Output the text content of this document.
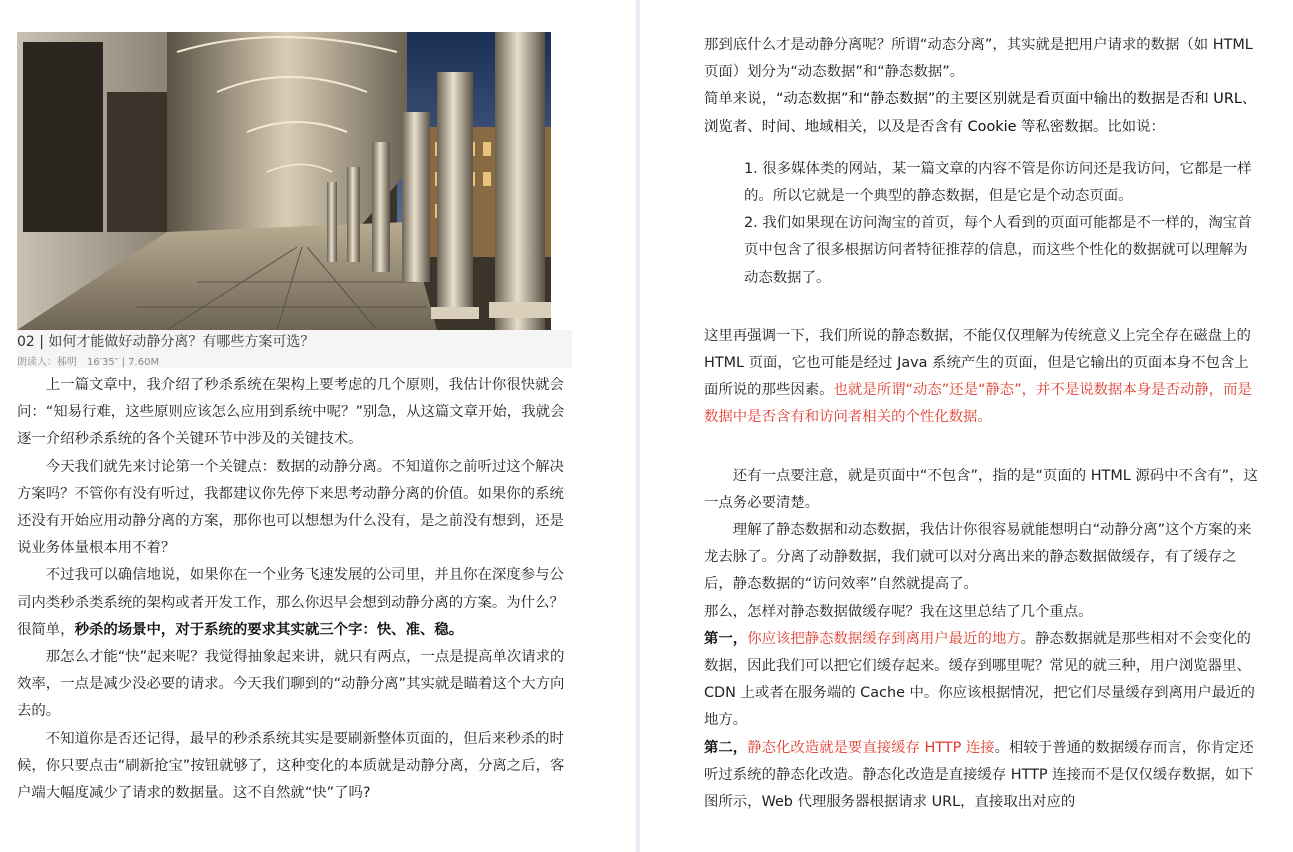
02 | 如何才能做好动静分离？有哪些方案可选？
朗读人：秭明 16′35″ | 7.60M

上一篇文章中，我介绍了秒杀系统在架构上要考虑的几个原则，我估计你很快就会问：“知易行难，这些原则应该怎么应用到系统中呢？”别急，从这篇文章开始，我就会逐一介绍秒杀系统的各个关键环节中涉及的关键技术。

今天我们就先来讨论第一个关键点：数据的动静分离。不知道你之前听过这个解决方案吗？不管你有没有听过，我都建议你先停下来思考动静分离的价值。如果你的系统还没有开始应用动静分离的方案，那你也可以想想为什么没有，是之前没有想到，还是说业务体量根本用不着？

不过我可以确信地说，如果你在一个业务飞速发展的公司里，并且你在深度参与公司内类秒杀类系统的架构或者开发工作，那么你迟早会想到动静分离的方案。为什么？很简单，秒杀的场景中，对于系统的要求其实就三个字：快、准、稳。

那怎么才能“快”起来呢？我觉得抽象起来讲，就只有两点，一点是提高单次请求的效率，一点是减少没必要的请求。今天我们聊到的“动静分离”其实就是瞄着这个大方向去的。

不知道你是否还记得，最早的秒杀系统其实是要刷新整体页面的，但后来秒杀的时候，你只要点击“刷新抢宝”按钮就够了，这种变化的本质就是动静分离，分离之后，客户端大幅度减少了请求的数据量。这不自然就“快”了吗?

那到底什么才是动静分离呢？所谓“动态分离”，其实就是把用户请求的数据（如 HTML 页面）划分为“动态数据”和“静态数据”。

简单来说，“动态数据”和“静态数据”的主要区别就是看页面中输出的数据是否和 URL、浏览者、时间、地域相关，以及是否含有 Cookie 等私密数据。比如说：

1. 很多媒体类的网站，某一篇文章的内容不管是你访问还是我访问，它都是一样的。所以它就是一个典型的静态数据，但是它是个动态页面。
2. 我们如果现在访问淘宝的首页，每个人看到的页面可能都是不一样的，淘宝首页中包含了很多根据访问者特征推荐的信息，而这些个性化的数据就可以理解为动态数据了。

这里再强调一下，我们所说的静态数据，不能仅仅理解为传统意义上完全存在磁盘上的 HTML 页面，它也可能是经过 Java 系统产生的页面，但是它输出的页面本身不包含上面所说的那些因素。也就是所谓“动态”还是“静态”，并不是说数据本身是否动静，而是数据中是否含有和访问者相关的个性化数据。

还有一点要注意，就是页面中“不包含”，指的是“页面的 HTML 源码中不含有”，这一点务必要清楚。

理解了静态数据和动态数据，我估计你很容易就能想明白“动静分离”这个方案的来龙去脉了。分离了动静数据，我们就可以对分离出来的静态数据做缓存，有了缓存之后，静态数据的“访问效率”自然就提高了。

那么，怎样对静态数据做缓存呢？我在这里总结了几个重点。

第一，你应该把静态数据缓存到离用户最近的地方。静态数据就是那些相对不会变化的数据，因此我们可以把它们缓存起来。缓存到哪里呢？常见的就三种，用户浏览器里、CDN 上或者在服务端的 Cache 中。你应该根据情况，把它们尽量缓存到离用户最近的地方。

第二，静态化改造就是要直接缓存 HTTP 连接。相较于普通的数据缓存而言，你肯定还听过系统的静态化改造。静态化改造是直接缓存 HTTP 连接而不是仅仅缓存数据，如下图所示，Web 代理服务器根据请求 URL，直接取出对应的
